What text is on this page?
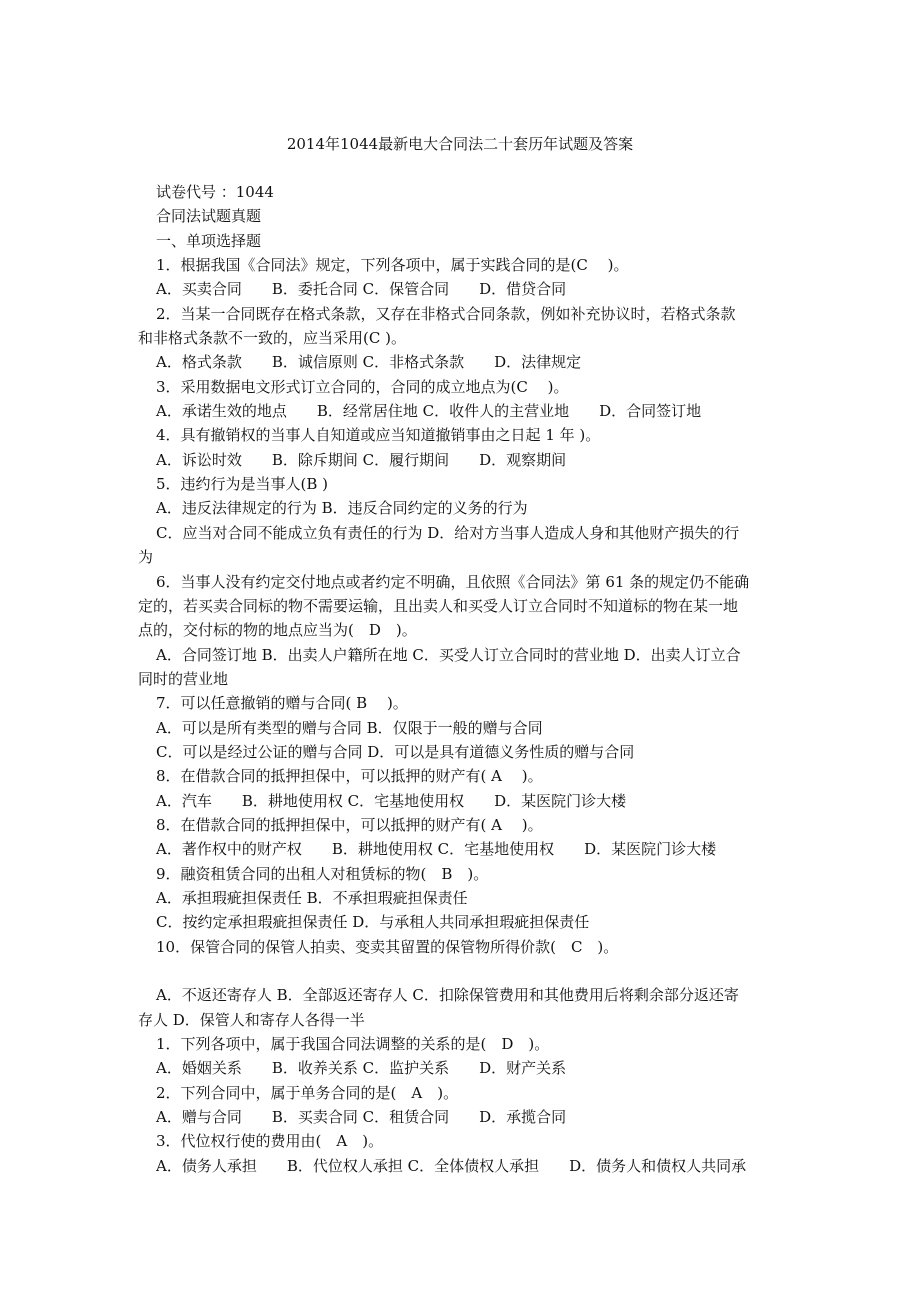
2014年1044最新电大合同法二十套历年试题及答案
试卷代号 ：1044
合同法试题真题
一、单项选择题
1．根据我国《合同法》规定，下列各项中，属于实践合同的是(C　 )。
A．买卖合同　　B．委托合同 C．保管合同　　D．借贷合同
2．当某一合同既存在格式条款，又存在非格式合同条款，例如补充协议时，若格式条款
和非格式条款不一致的，应当采用(C )。
A．格式条款　　B．诚信原则 C．非格式条款　　D．法律规定
3．采用数据电文形式订立合同的，合同的成立地点为(C　 )。
A．承诺生效的地点　　B．经常居住地 C．收件人的主营业地　　D．合同签订地
4．具有撤销权的当事人自知道或应当知道撤销事由之日起 1 年 )。
A．诉讼时效　　B．除斥期间 C．履行期间　　D．观察期间
5．违约行为是当事人(B )
A．违反法律规定的行为 B．违反合同约定的义务的行为
C．应当对合同不能成立负有责任的行为 D．给对方当事人造成人身和其他财产损失的行
为
6．当事人没有约定交付地点或者约定不明确，且依照《合同法》第 61 条的规定仍不能确
定的，若买卖合同标的物不需要运输，且出卖人和买受人订立合同时不知道标的物在某一地
点的，交付标的物的地点应当为(　D　)。
A．合同签订地 B．出卖人户籍所在地 C．买受人订立合同时的营业地 D．出卖人订立合
同时的营业地
7．可以任意撤销的赠与合同( B　 )。
A．可以是所有类型的赠与合同 B．仅限于一般的赠与合同
C．可以是经过公证的赠与合同 D．可以是具有道德义务性质的赠与合同
8．在借款合同的抵押担保中，可以抵押的财产有( A　 )。
A．汽车　　B．耕地使用权 C．宅基地使用权　　D．某医院门诊大楼
8．在借款合同的抵押担保中，可以抵押的财产有( A　 )。
A．著作权中的财产权　　B．耕地使用权 C．宅基地使用权　　D．某医院门诊大楼
9．融资租赁合同的出租人对租赁标的物(　B　)。
A．承担瑕疵担保责任 B．不承担瑕疵担保责任
C．按约定承担瑕疵担保责任 D．与承租人共同承担瑕疵担保责任
10．保管合同的保管人拍卖、变卖其留置的保管物所得价款(　C　)。
A．不返还寄存人 B．全部返还寄存人 C．扣除保管费用和其他费用后将剩余部分返还寄
存人 D．保管人和寄存人各得一半
1．下列各项中，属于我国合同法调整的关系的是(　D　)。
A．婚姻关系　　B．收养关系 C．监护关系　　D．财产关系
2．下列合同中，属于单务合同的是(　A　)。
A．赠与合同　　B．买卖合同 C．租赁合同　　D．承揽合同
3．代位权行使的费用由(　A　)。
A．债务人承担　　B．代位权人承担 C．全体债权人承担　　D．债务人和债权人共同承
